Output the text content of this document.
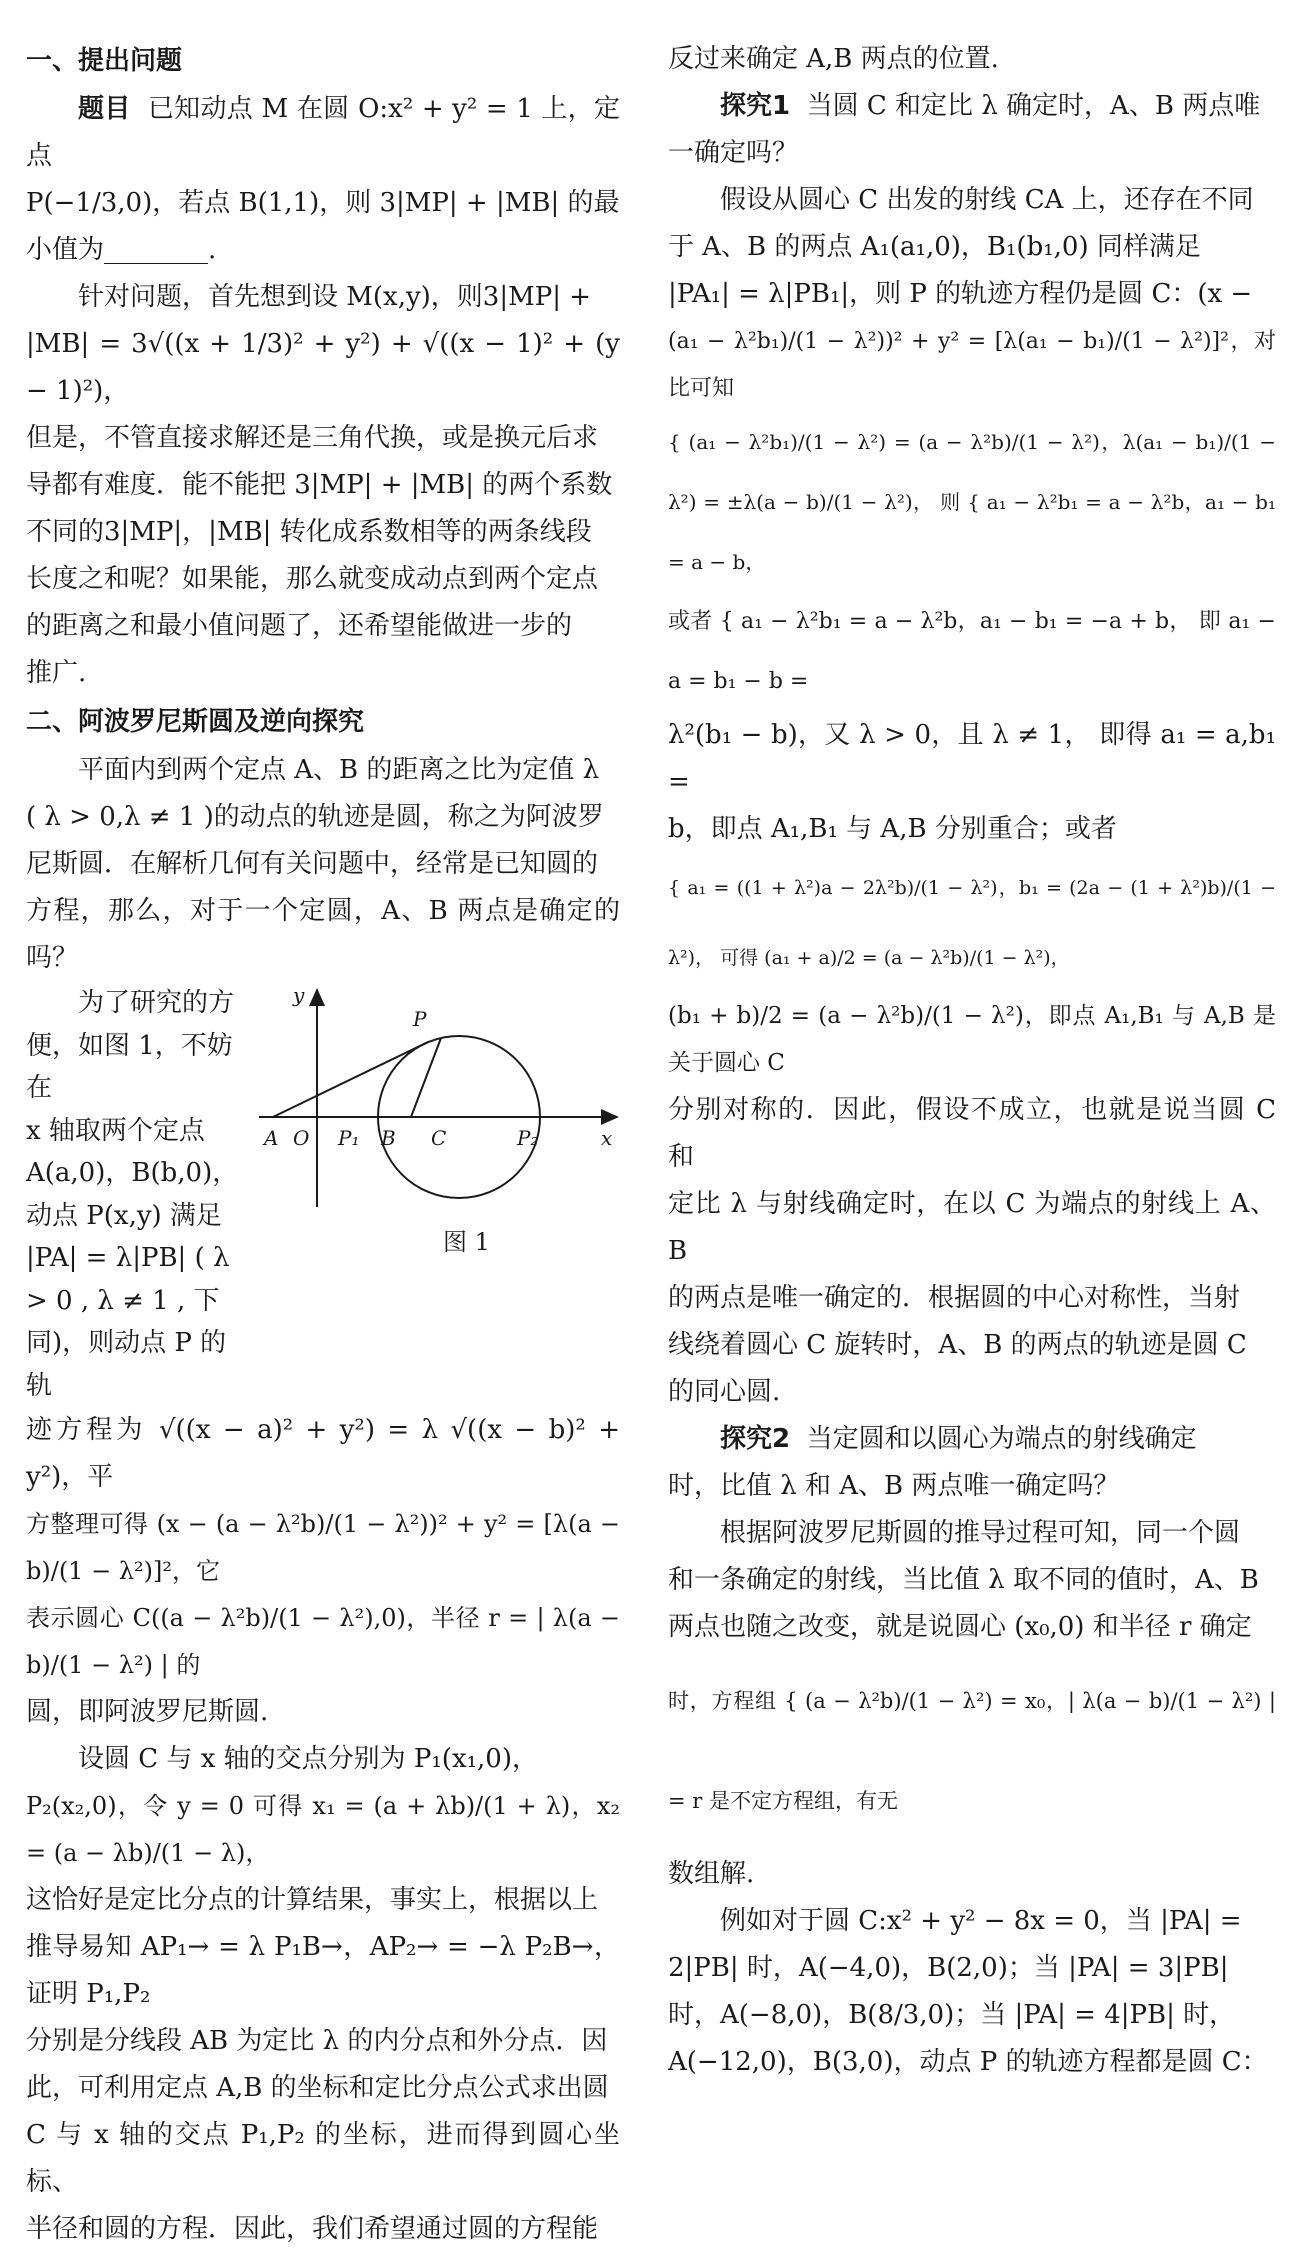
一、提出问题

题目 已知动点 M 在圆 O:x² + y² = 1 上，定点

P(−1/3,0)，若点 B(1,1)，则 3|MP| + |MB| 的最

小值为________.

针对问题，首先想到设 M(x,y)，则3|MP| +

|MB| = 3√((x + 1/3)² + y²) + √((x − 1)² + (y − 1)²)，

但是，不管直接求解还是三角代换，或是换元后求

导都有难度．能不能把 3|MP| + |MB| 的两个系数

不同的3|MP|，|MB| 转化成系数相等的两条线段

长度之和呢？如果能，那么就变成动点到两个定点

的距离之和最小值问题了，还希望能做进一步的

推广.

二、阿波罗尼斯圆及逆向探究

平面内到两个定点 A、B 的距离之比为定值 λ

( λ > 0,λ ≠ 1 )的动点的轨迹是圆，称之为阿波罗

尼斯圆．在解析几何有关问题中，经常是已知圆的

方程，那么，对于一个定圆，A、B 两点是确定的吗？

为了研究的方

便，如图 1，不妨在

x 轴取两个定点

A(a,0)，B(b,0)，

动点 P(x,y) 满足

|PA| = λ|PB| ( λ

> 0 , λ ≠ 1 , 下

同)，则动点 P 的轨

y
x
A O P₁ B C	P₂
P
图 1

迹方程为 √((x − a)² + y²) = λ √((x − b)² + y²)，平

方整理可得 (x − (a − λ²b)/(1 − λ²))² + y² = [λ(a − b)/(1 − λ²)]²，它

表示圆心 C((a − λ²b)/(1 − λ²),0)，半径 r = | λ(a − b)/(1 − λ²) | 的

圆，即阿波罗尼斯圆.

设圆 C 与 x 轴的交点分别为 P₁(x₁,0)，

P₂(x₂,0)，令 y = 0 可得 x₁ = (a + λb)/(1 + λ)，x₂ = (a − λb)/(1 − λ)，

这恰好是定比分点的计算结果，事实上，根据以上

推导易知 AP₁→ = λ P₁B→，AP₂→ = −λ P₂B→，证明 P₁,P₂

分别是分线段 AB 为定比 λ 的内分点和外分点．因

此，可利用定点 A,B 的坐标和定比分点公式求出圆

C 与 x 轴的交点 P₁,P₂ 的坐标，进而得到圆心坐标、

半径和圆的方程．因此，我们希望通过圆的方程能

反过来确定 A,B 两点的位置.

探究1 当圆 C 和定比 λ 确定时，A、B 两点唯

一确定吗？

假设从圆心 C 出发的射线 CA 上，还存在不同

于 A、B 的两点 A₁(a₁,0)，B₁(b₁,0) 同样满足

|PA₁| = λ|PB₁|，则 P 的轨迹方程仍是圆 C：(x −

(a₁ − λ²b₁)/(1 − λ²))² + y² = [λ(a₁ − b₁)/(1 − λ²)]²，对比可知

{ (a₁ − λ²b₁)/(1 − λ²) = (a − λ²b)/(1 − λ²)，λ(a₁ − b₁)/(1 − λ²) = ±λ(a − b)/(1 − λ²)， 则 { a₁ − λ²b₁ = a − λ²b，a₁ − b₁ = a − b，

或者 { a₁ − λ²b₁ = a − λ²b，a₁ − b₁ = −a + b， 即 a₁ − a = b₁ − b =

λ²(b₁ − b)，又 λ > 0，且 λ ≠ 1， 即得 a₁ = a,b₁ =

b，即点 A₁,B₁ 与 A,B 分别重合；或者

{ a₁ = ((1 + λ²)a − 2λ²b)/(1 − λ²)，b₁ = (2a − (1 + λ²)b)/(1 − λ²)， 可得 (a₁ + a)/2 = (a − λ²b)/(1 − λ²)，

(b₁ + b)/2 = (a − λ²b)/(1 − λ²)，即点 A₁,B₁ 与 A,B 是关于圆心 C

分别对称的．因此，假设不成立，也就是说当圆 C 和

定比 λ 与射线确定时，在以 C 为端点的射线上 A、B

的两点是唯一确定的．根据圆的中心对称性，当射

线绕着圆心 C 旋转时，A、B 的两点的轨迹是圆 C

的同心圆.

探究2 当定圆和以圆心为端点的射线确定

时，比值 λ 和 A、B 两点唯一确定吗？

根据阿波罗尼斯圆的推导过程可知，同一个圆

和一条确定的射线，当比值 λ 取不同的值时，A、B

两点也随之改变，就是说圆心 (x₀,0) 和半径 r 确定

时，方程组 { (a − λ²b)/(1 − λ²) = x₀，| λ(a − b)/(1 − λ²) | = r 是不定方程组，有无

数组解.

例如对于圆 C:x² + y² − 8x = 0，当 |PA| =

2|PB| 时，A(−4,0)，B(2,0)；当 |PA| = 3|PB|

时，A(−8,0)，B(8/3,0)；当 |PA| = 4|PB| 时，

A(−12,0)，B(3,0)，动点 P 的轨迹方程都是圆 C：
